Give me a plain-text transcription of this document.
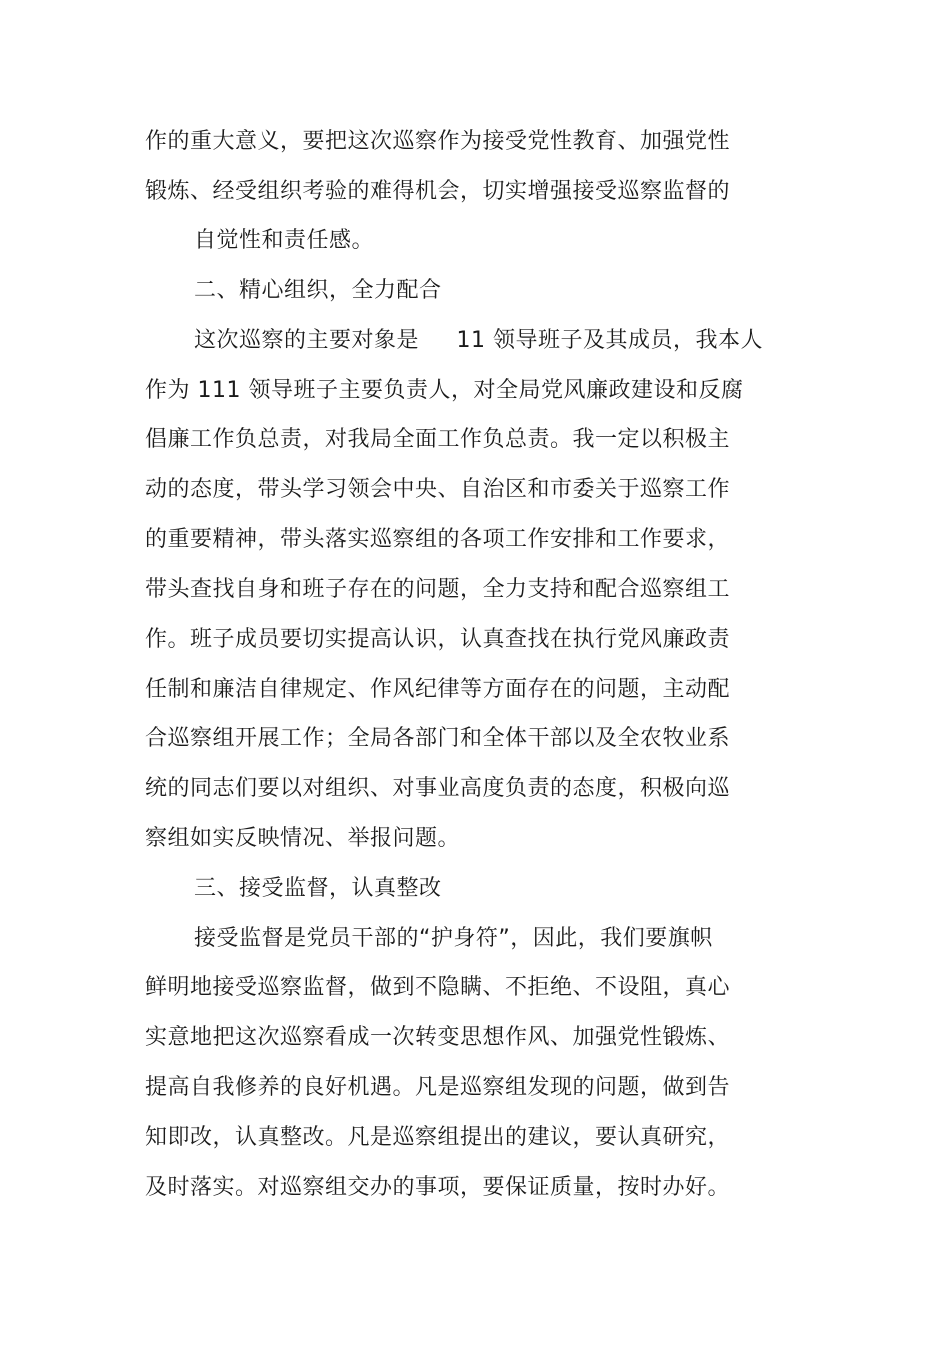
作的重大意义，要把这次巡察作为接受党性教育、加强党性
锻炼、经受组织考验的难得机会，切实增强接受巡察监督的
自觉性和责任感。
二、精心组织，全力配合
这次巡察的主要对象是 　 11 领导班子及其成员，我本人
作为 111 领导班子主要负责人，对全局党风廉政建设和反腐
倡廉工作负总责，对我局全面工作负总责。我一定以积极主
动的态度，带头学习领会中央、自治区和市委关于巡察工作
的重要精神，带头落实巡察组的各项工作安排和工作要求，
带头查找自身和班子存在的问题，全力支持和配合巡察组工
作。班子成员要切实提高认识，认真查找在执行党风廉政责
任制和廉洁自律规定、作风纪律等方面存在的问题，主动配
合巡察组开展工作；全局各部门和全体干部以及全农牧业系
统的同志们要以对组织、对事业高度负责的态度，积极向巡
察组如实反映情况、举报问题。
三、接受监督，认真整改
接受监督是党员干部的“护身符”，因此，我们要旗帜
鲜明地接受巡察监督，做到不隐瞒、不拒绝、不设阻，真心
实意地把这次巡察看成一次转变思想作风、加强党性锻炼、
提高自我修养的良好机遇。凡是巡察组发现的问题，做到告
知即改，认真整改。凡是巡察组提出的建议，要认真研究，
及时落实。对巡察组交办的事项，要保证质量，按时办好。
